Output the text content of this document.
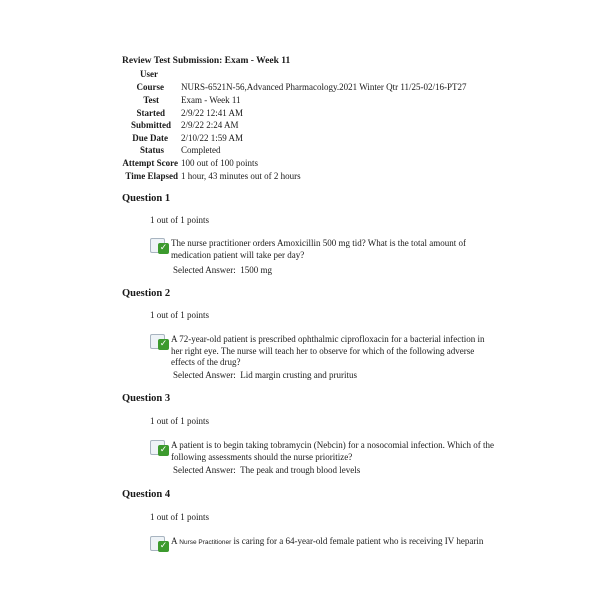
Review Test Submission: Exam - Week 11
User
Course NURS-6521N-56,Advanced Pharmacology.2021 Winter Qtr 11/25-02/16-PT27
Test Exam - Week 11
Started 2/9/22 12:41 AM
Submitted 2/9/22 2:24 AM
Due Date 2/10/22 1:59 AM
Status Completed
Attempt Score 100 out of 100 points
Time Elapsed 1 hour, 43 minutes out of 2 hours
Question 1
1 out of 1 points
✓ The nurse practitioner orders Amoxicillin 500 mg tid? What is the total amount of
medication patient will take per day?
Selected Answer: 1500 mg
Question 2
1 out of 1 points
✓ A 72-year-old patient is prescribed ophthalmic ciprofloxacin for a bacterial infection in
her right eye. The nurse will teach her to observe for which of the following adverse
effects of the drug?
Selected Answer: Lid margin crusting and pruritus
Question 3
1 out of 1 points
✓ A patient is to begin taking tobramycin (Nebcin) for a nosocomial infection. Which of the
following assessments should the nurse prioritize?
Selected Answer: The peak and trough blood levels
Question 4
1 out of 1 points
✓ A Nurse Practitioner is caring for a 64-year-old female patient who is receiving IV heparin
